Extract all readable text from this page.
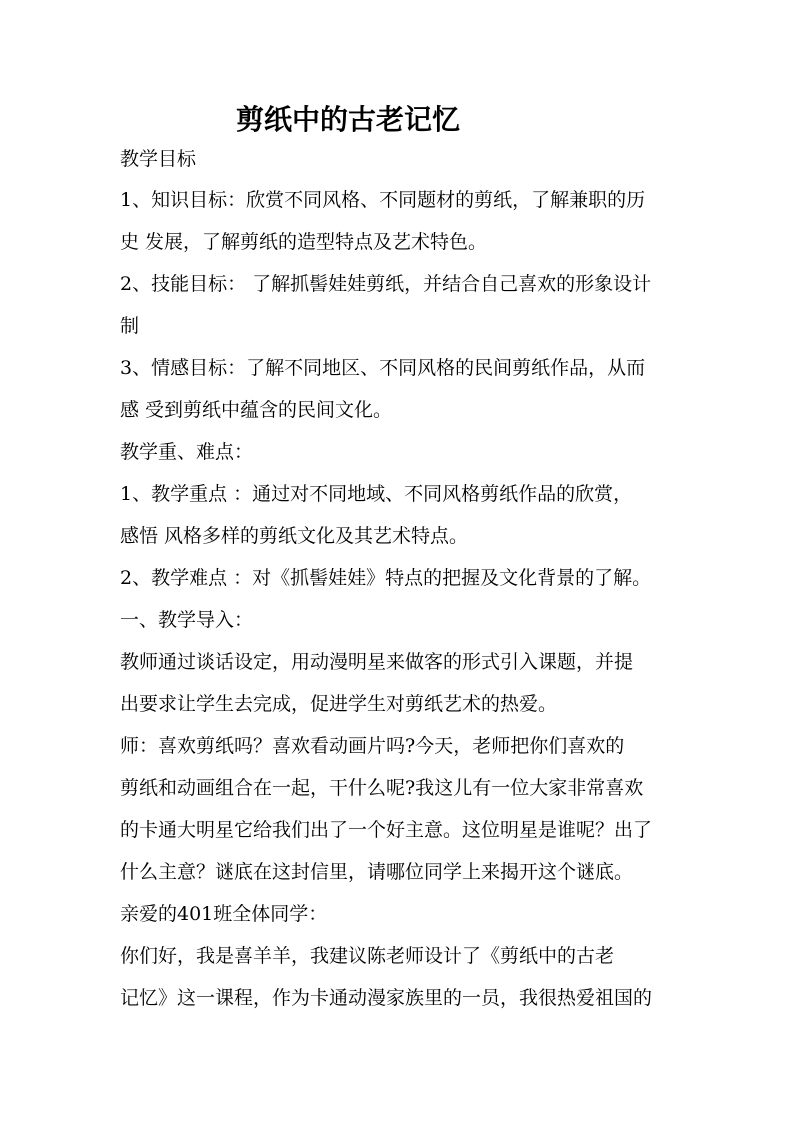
剪纸中的古老记忆
教学目标
1、知识目标：欣赏不同风格、不同题材的剪纸，了解兼职的历
史 发展，了解剪纸的造型特点及艺术特色。
2、技能目标： 了解抓髻娃娃剪纸，并结合自己喜欢的形象设计
制
3、情感目标：了解不同地区、不同风格的民间剪纸作品，从而
感 受到剪纸中蕴含的民间文化。
教学重、难点：
1、教学重点 ：通过对不同地域、不同风格剪纸作品的欣赏，
感悟 风格多样的剪纸文化及其艺术特点。
2、教学难点 ：对《抓髻娃娃》特点的把握及文化背景的了解。
一、教学导入：
教师通过谈话设定，用动漫明星来做客的形式引入课题，并提
出要求让学生去完成，促进学生对剪纸艺术的热爱。
师：喜欢剪纸吗？喜欢看动画片吗?今天，老师把你们喜欢的
剪纸和动画组合在一起，干什么呢?我这儿有一位大家非常喜欢
的卡通大明星它给我们出了一个好主意。这位明星是谁呢？出了
什么主意？谜底在这封信里，请哪位同学上来揭开这个谜底。
亲爱的401班全体同学：
你们好，我是喜羊羊，我建议陈老师设计了《剪纸中的古老
记忆》这一课程，作为卡通动漫家族里的一员，我很热爱祖国的
